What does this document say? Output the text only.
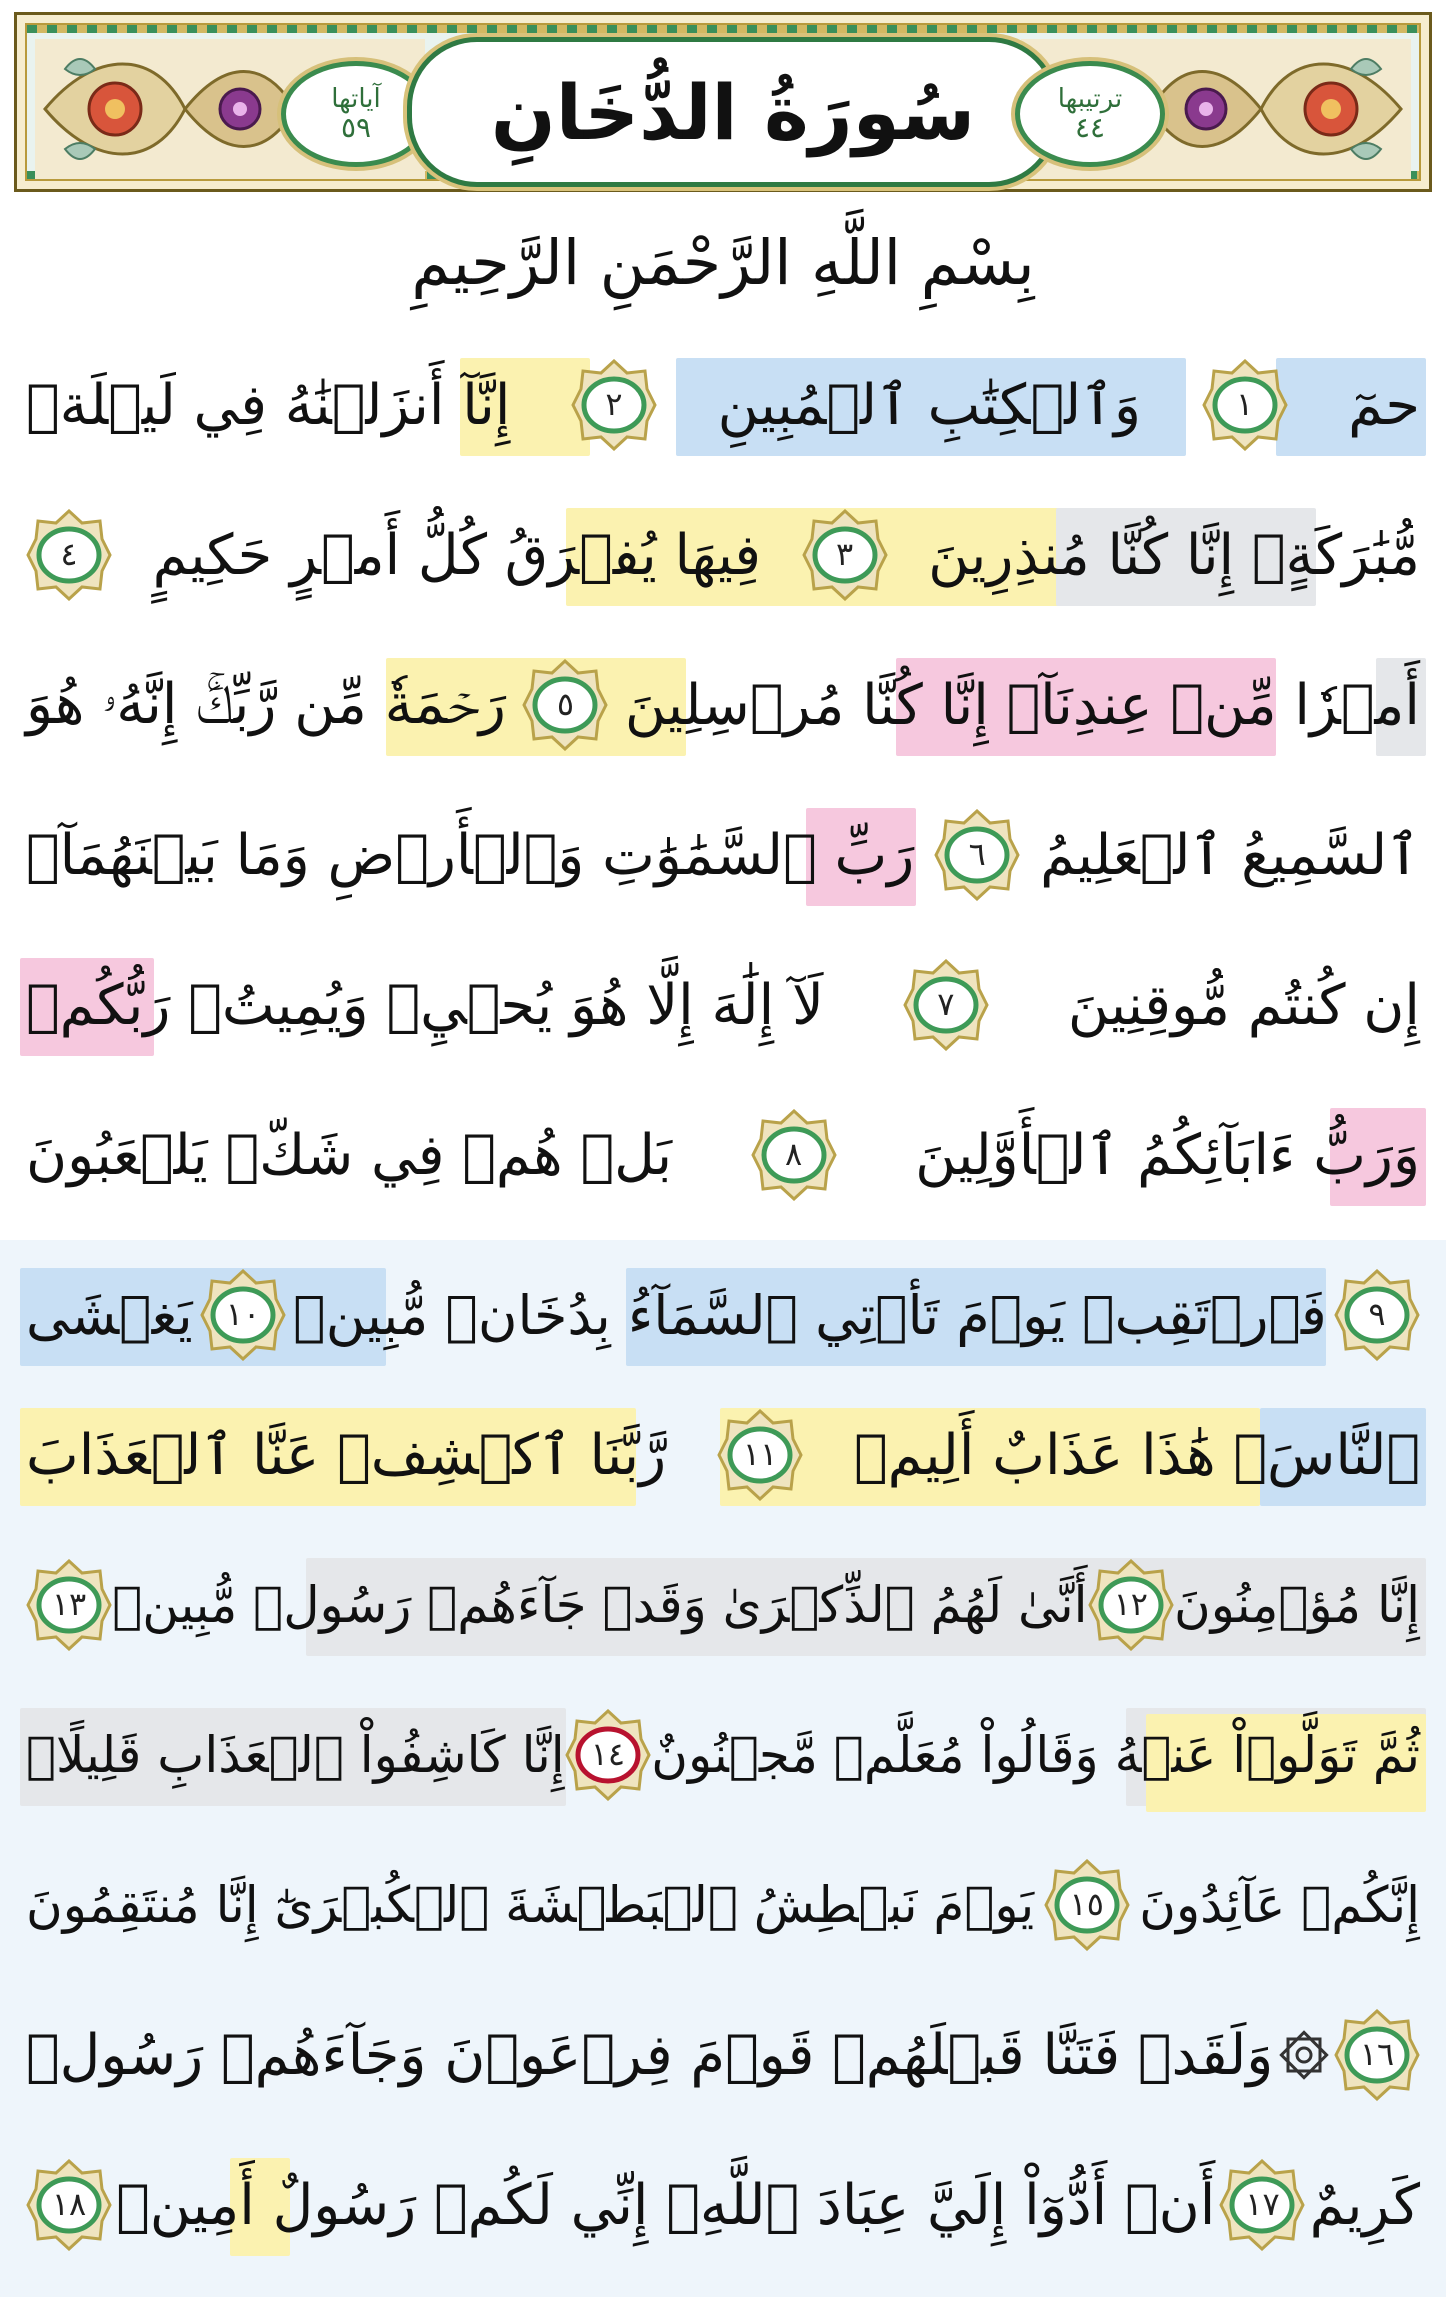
آياتها
٥٩ سُورَةُ الدُّخَانِ	ترتيبها
٤٤
بِسْمِ اللَّهِ الرَّحْمَنِ الرَّحِيمِ
حمٓ
١
وَٱلۡكِتَٰبِ ٱلۡمُبِينِ
٢
إِنَّآ أَنزَلۡنَٰهُ فِي لَيۡلَةٖ
مُّبَٰرَكَةٍۚ إِنَّا كُنَّا مُنذِرِينَ
٣
فِيهَا يُفۡرَقُ كُلُّ أَمۡرٍ حَكِيمٍ
٤
أَمۡرٗا مِّنۡ عِندِنَآۚ إِنَّا كُنَّا مُرۡسِلِينَ
٥
رَحۡمَةٗ مِّن رَّبِّكَۚ إِنَّهُۥ هُوَ
ٱلسَّمِيعُ ٱلۡعَلِيمُ
٦
رَبِّ ٱلسَّمَٰوَٰتِ وَٱلۡأَرۡضِ وَمَا بَيۡنَهُمَآۖ
إِن كُنتُم مُّوقِنِينَ
٧
لَآ إِلَٰهَ إِلَّا هُوَ يُحۡيِۦ وَيُمِيتُۖ رَبُّكُمۡ
وَرَبُّ ءَابَآئِكُمُ ٱلۡأَوَّلِينَ
٨
بَلۡ هُمۡ فِي شَكّٖ يَلۡعَبُونَ
٩
فَٱرۡتَقِبۡ يَوۡمَ تَأۡتِي ٱلسَّمَآءُ بِدُخَانٖ مُّبِينٖ
١٠
يَغۡشَى
ٱلنَّاسَۖ هَٰذَا عَذَابٌ أَلِيمٞ
١١
رَّبَّنَا ٱكۡشِفۡ عَنَّا ٱلۡعَذَابَ
إِنَّا مُؤۡمِنُونَ
١٢
أَنَّىٰ لَهُمُ ٱلذِّكۡرَىٰ وَقَدۡ جَآءَهُمۡ رَسُولٞ مُّبِينٞ
١٣
ثُمَّ تَوَلَّوۡاْ عَنۡهُ وَقَالُواْ مُعَلَّمٞ مَّجۡنُونٌ
١٤
إِنَّا كَاشِفُواْ ٱلۡعَذَابِ قَلِيلًاۚ
إِنَّكُمۡ عَآئِدُونَ
١٥
يَوۡمَ نَبۡطِشُ ٱلۡبَطۡشَةَ ٱلۡكُبۡرَىٰٓ إِنَّا مُنتَقِمُونَ
١٦
وَلَقَدۡ فَتَنَّا قَبۡلَهُمۡ قَوۡمَ فِرۡعَوۡنَ وَجَآءَهُمۡ رَسُولٞ
كَرِيمٌ
١٧
أَنۡ أَدُّوٓاْ إِلَيَّ عِبَادَ ٱللَّهِۖ إِنِّي لَكُمۡ رَسُولٌ أَمِينٞ
١٨
